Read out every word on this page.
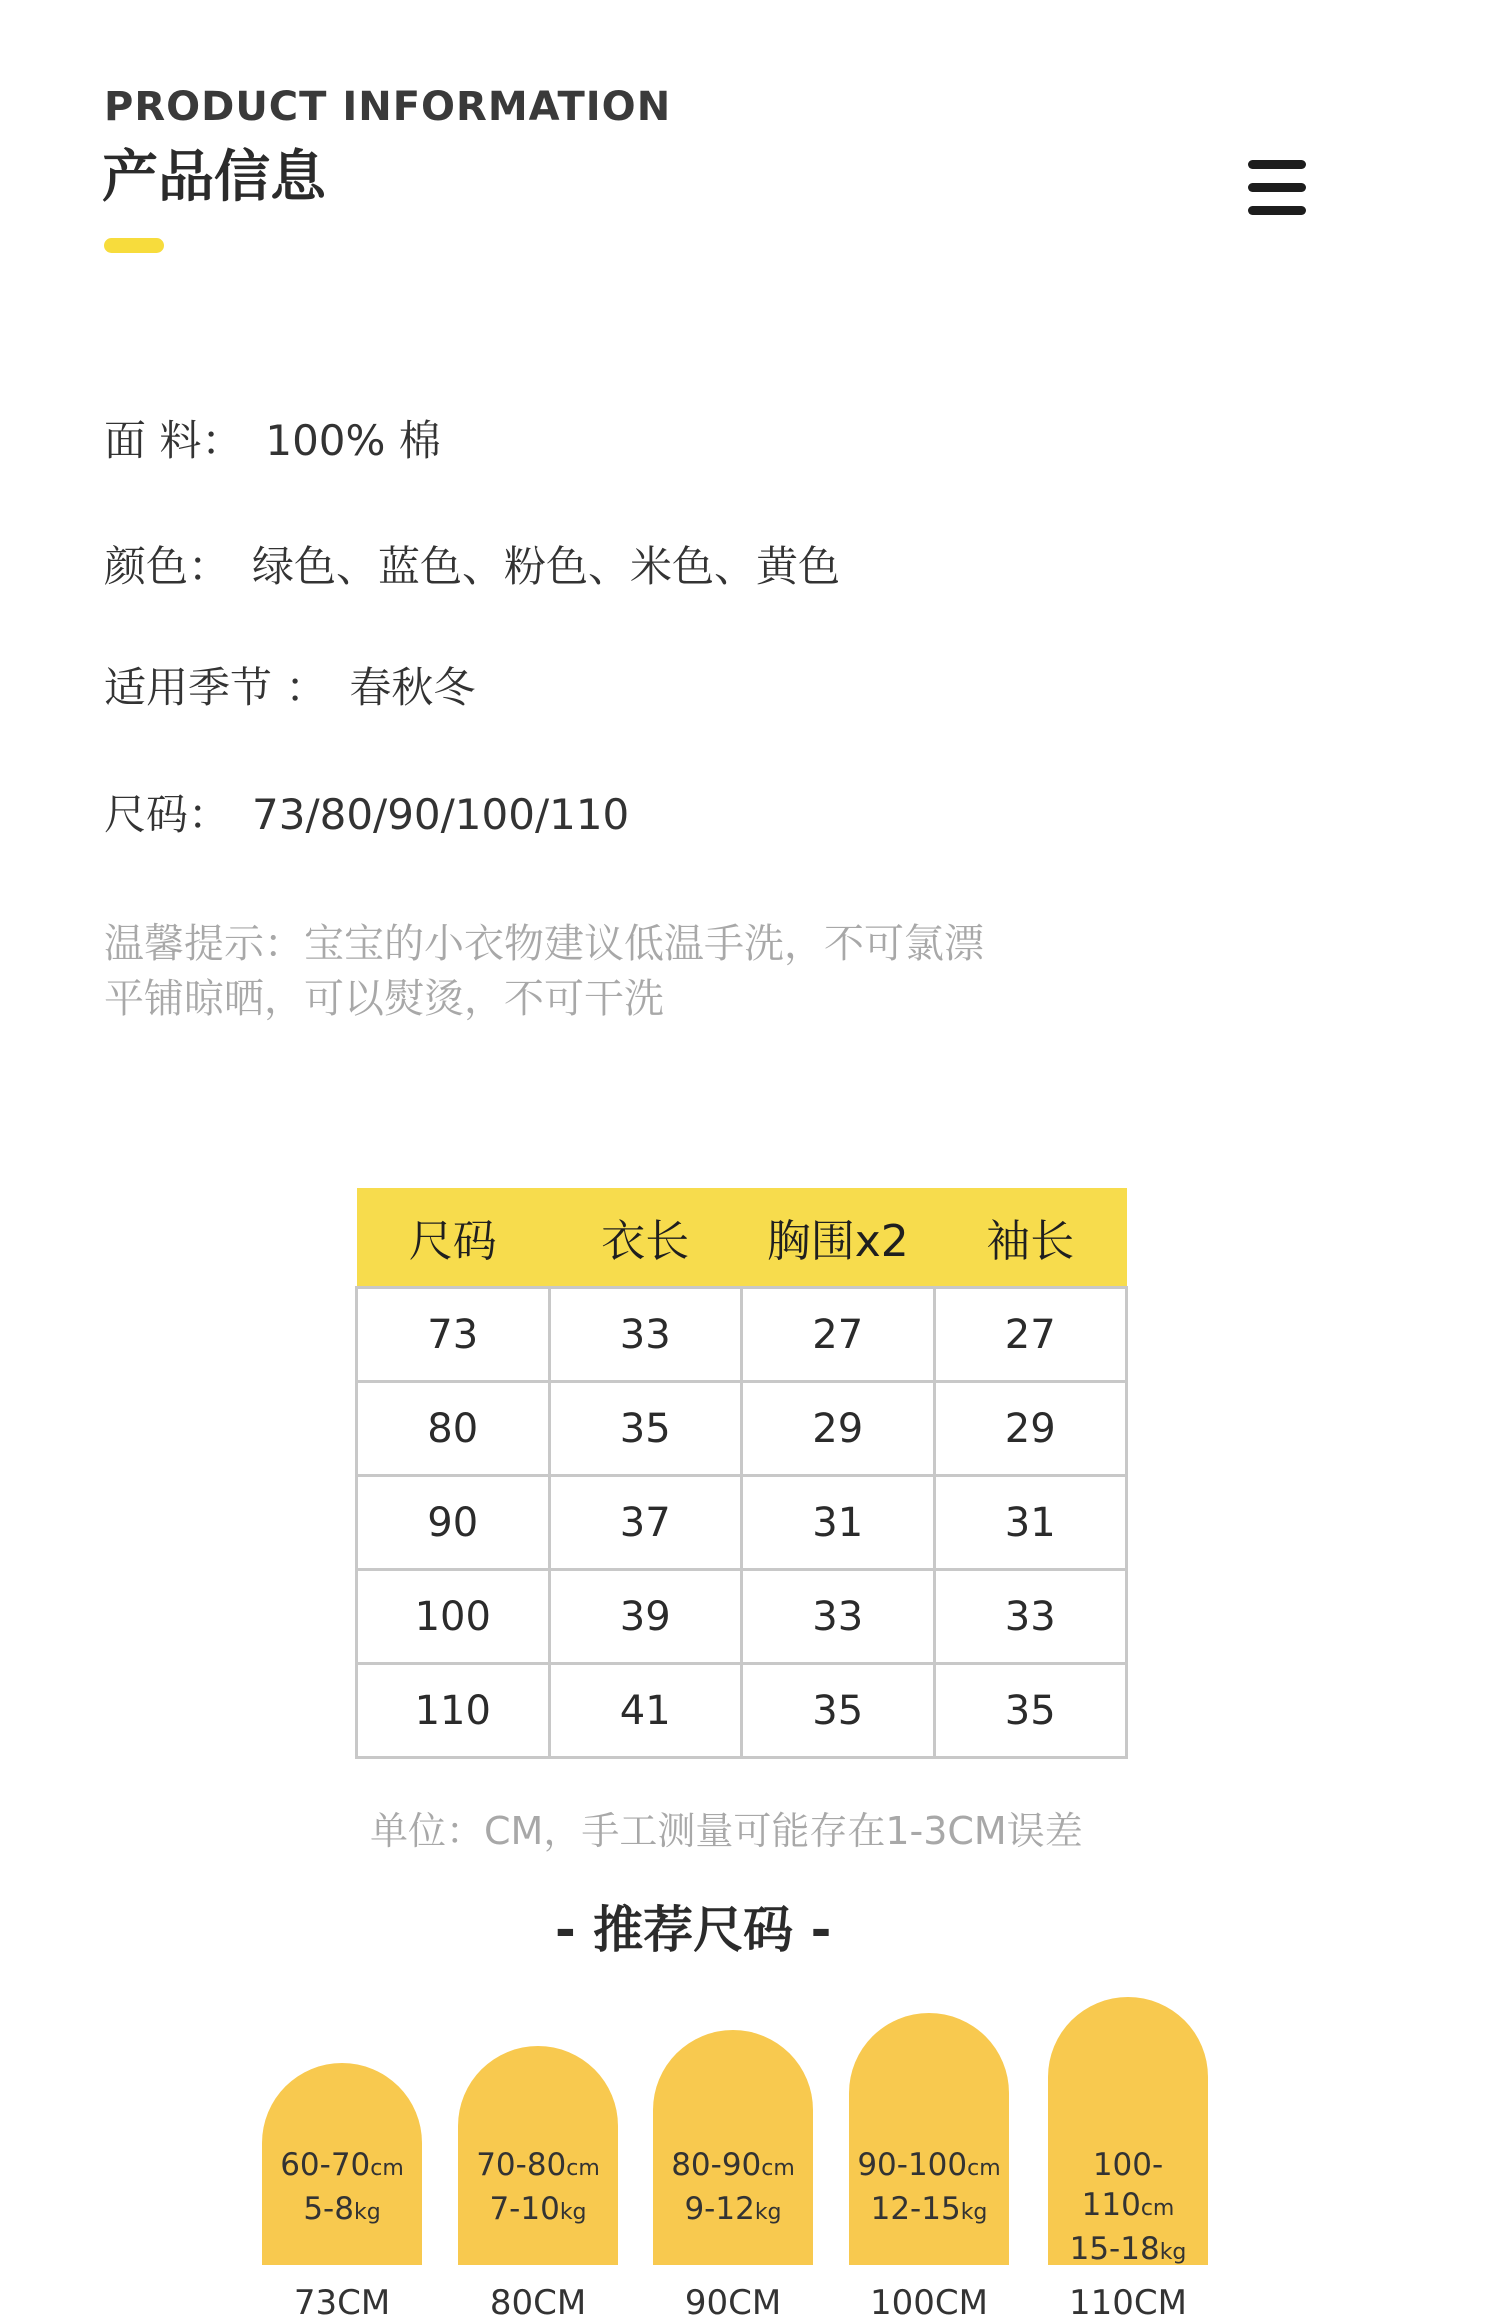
PRODUCT INFORMATION
产品信息
面 料： 100% 棉
颜色： 绿色、蓝色、粉色、米色、黄色
适用季节 ： 春秋冬
尺码： 73/80/90/100/110
温馨提示：宝宝的小衣物建议低温手洗，不可氯漂
平铺晾晒，可以熨烫，不可干洗
尺码	衣长	胸围x2	袖长
73	33	27	27
80	35	29	29
90	37	31	31
100	39	33	33
110	41	35	35
单位：CM，手工测量可能存在1-3CM误差
- 推荐尺码 -
60-70cm
5-8kg
70-80cm
7-10kg
80-90cm
9-12kg
90-100cm
12-15kg
100-110cm
15-18kg
73CM	80CM	90CM	100CM	110CM
